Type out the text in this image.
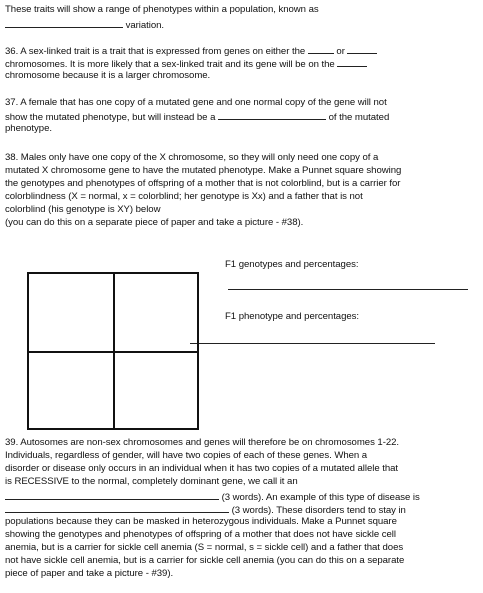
These traits will show a range of phenotypes within a population, known as
variation.
36. A sex-linked trait is a trait that is expressed from genes on either the	or
chromosomes. It is more likely that a sex-linked trait and its gene will be on the
chromosome because it is a larger chromosome.
37. A female that has one copy of a mutated gene and one normal copy of the gene will not
show the mutated phenotype, but will instead be a	of the mutated
phenotype.
38. Males only have one copy of the X chromosome, so they will only need one copy of a
mutated X chromosome gene to have the mutated phenotype. Make a Punnet square showing
the genotypes and phenotypes of offspring of a mother that is not colorblind, but is a carrier for
colorblindness (X = normal, x = colorblind; her genotype is Xx) and a father that is not
colorblind (his genotype is XY) below
(you can do this on a separate piece of paper and take a picture - #38).
F1 genotypes and percentages:
F1 phenotype and percentages:
39. Autosomes are non-sex chromosomes and genes will therefore be on chromosomes 1-22.
Individuals, regardless of gender, will have two copies of each of these genes. When a
disorder or disease only occurs in an individual when it has two copies of a mutated allele that
is RECESSIVE to the normal, completely dominant gene, we call it an
(3 words). An example of this type of disease is
(3 words). These disorders tend to stay in
populations because they can be masked in heterozygous individuals. Make a Punnet square
showing the genotypes and phenotypes of offspring of a mother that does not have sickle cell
anemia, but is a carrier for sickle cell anemia (S = normal, s = sickle cell) and a father that does
not have sickle cell anemia, but is a carrier for sickle cell anemia (you can do this on a separate
piece of paper and take a picture - #39).
